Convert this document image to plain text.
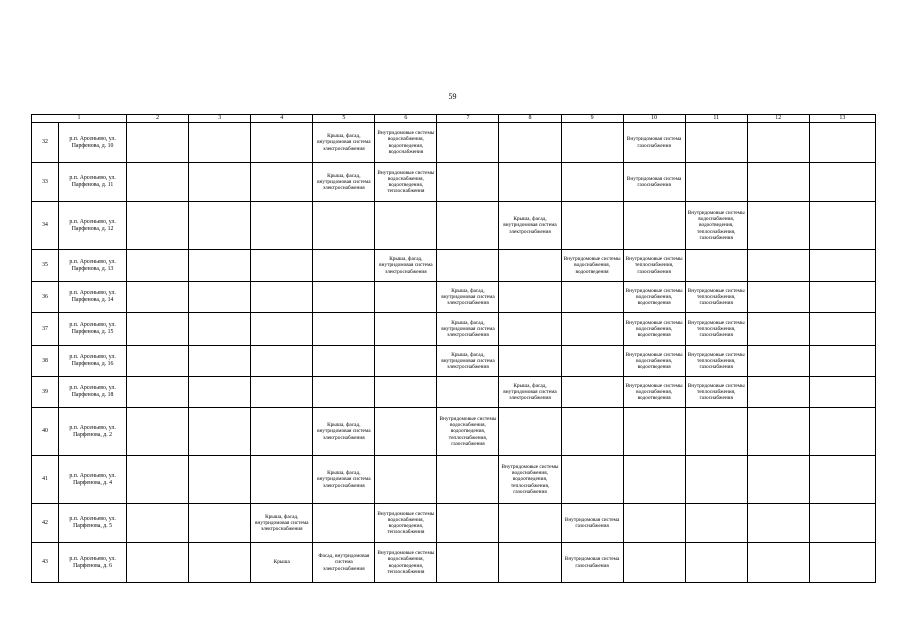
59
1		2	3	4	5	6	7	8	9	10	11	12	13
32	р.п. Арсеньево, ул. Парфенова, д. 10				Крыша, фасад, внутридомовая система электроснабжения	Внутридомовые системы водоснабжения, водоотведения, водоснабжения				Внутридомовая система газоснабжения			
33	р.п. Арсеньево, ул. Парфенова, д. 11				Крыша, фасад, внутридомовая система электроснабжения	Внутридомовые системы водоснабжения, водоотведения, теплоснабжения				Внутридомовая система газоснабжения			
34	р.п. Арсеньево, ул. Парфенова, д. 12							Крыша, фасад, внутридомовая система электроснабжения			Внутридомовые системы водоснабжения, водоотведения, теплоснабжения, газоснабжения		
35	р.п. Арсеньево, ул. Парфенова, д. 13					Крыша, фасад, внутридомовая система электроснабжения			Внутридомовые системы водоснабжения, водоотведения	Внутридомовые системы теплоснабжения, газоснабжения			
36	р.п. Арсеньево, ул. Парфенова, д. 14						Крыша, фасад, внутридомовая система электроснабжения			Внутридомовые системы водоснабжения, водоотведения	Внутридомовые системы теплоснабжения, газоснабжения		
37	р.п. Арсеньево, ул. Парфенова, д. 15						Крыша, фасад, внутридомовая система электроснабжения			Внутридомовые системы водоснабжения, водоотведения	Внутридомовые системы теплоснабжения, газоснабжения		
38	р.п. Арсеньево, ул. Парфенова, д. 16						Крыша, фасад, внутридомовая система электроснабжения			Внутридомовые системы водоснабжения, водоотведения	Внутридомовые системы теплоснабжения, газоснабжения		
39	р.п. Арсеньево, ул. Парфенова, д. 18							Крыша, фасад, внутридомовая система электроснабжения		Внутридомовые системы водоснабжения, водоотведения	Внутридомовые системы теплоснабжения, газоснабжения		
40	р.п. Арсеньево, ул. Парфенова, д. 2				Крыша, фасад, внутридомовая система электроснабжения		Внутридомовые системы водоснабжения, водоотведения, теплоснабжения, газоснабжения						
41	р.п. Арсеньево, ул. Парфенова, д. 4				Крыша, фасад, внутридомовая система электроснабжения			Внутридомовые системы водоснабжения, водоотведения, теплоснабжения, газоснабжения					
42	р.п. Арсеньево, ул. Парфенова, д. 5			Крыша, фасад, внутридомовая система электроснабжения		Внутридомовые системы водоснабжения, водоотведения, теплоснабжения			Внутридомовая система газоснабжения				
43	р.п. Арсеньево, ул. Парфенова, д. 6			Крыша	Фасад, внутридомовая система электроснабжения	Внутридомовые системы водоснабжения, водоотведения, теплоснабжения			Внутридомовая система газоснабжения				
